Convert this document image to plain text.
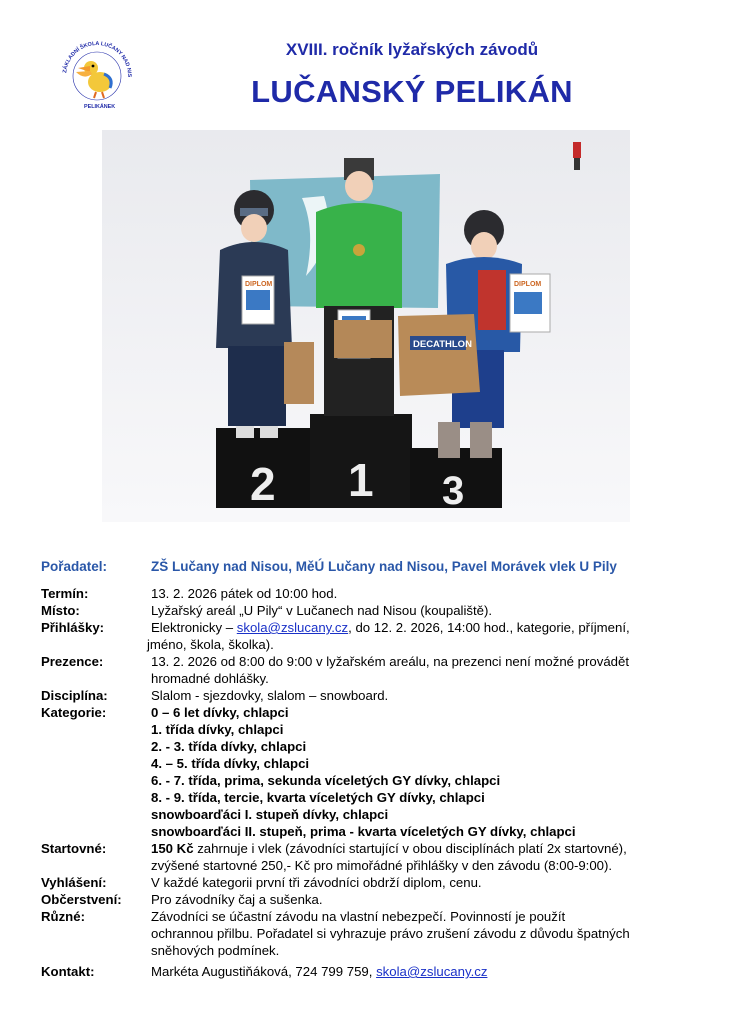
ZÁKLADNÍ ŠKOLA LUČANY NAD NIS
PELIKÁNEK
XVIII. ročník lyžařských závodů
LUČANSKÝ PELIKÁN
2 1 3
DIPLOM	DIPLOM
DECATHLON
Pořadatel:	ZŠ Lučany nad Nisou, MěÚ Lučany nad Nisou, Pavel Morávek vlek U Pily
Termín:	13. 2. 2026 pátek od 10:00 hod.
Místo:	Lyžařský areál „U Pily“ v Lučanech nad Nisou (koupaliště).
Přihlášky:	Elektronicky – skola@zslucany.cz, do 12. 2. 2026, 14:00 hod., kategorie, příjmení,
jméno, škola, školka).
Prezence:	13. 2. 2026 od 8:00 do 9:00 v lyžařském areálu, na prezenci není možné provádět
hromadné dohlášky.
Disciplína:	Slalom - sjezdovky, slalom – snowboard.
Kategorie:	0 – 6 let dívky, chlapci
1. třída dívky, chlapci
2. - 3. třída dívky, chlapci
4. – 5. třída dívky, chlapci
6. - 7. třída, prima, sekunda víceletých GY dívky, chlapci
8. - 9. třída, tercie, kvarta víceletých GY dívky, chlapci
snowboarďáci I. stupeň dívky, chlapci
snowboarďáci II. stupeň, prima - kvarta víceletých GY dívky, chlapci
Startovné:	150 Kč zahrnuje i vlek (závodníci startující v obou disciplínách platí 2x startovné),
zvýšené startovné 250,- Kč pro mimořádné přihlášky v den závodu (8:00-9:00).
Vyhlášení:	V každé kategorii první tři závodníci obdrží diplom, cenu.
Občerstvení:	Pro závodníky čaj a sušenka.
Různé:	Závodníci se účastní závodu na vlastní nebezpečí. Povinností je použít
ochrannou přilbu. Pořadatel si vyhrazuje právo zrušení závodu z důvodu špatných
sněhových podmínek.
Kontakt:	Markéta Augustiňáková, 724 799 759, skola@zslucany.cz
